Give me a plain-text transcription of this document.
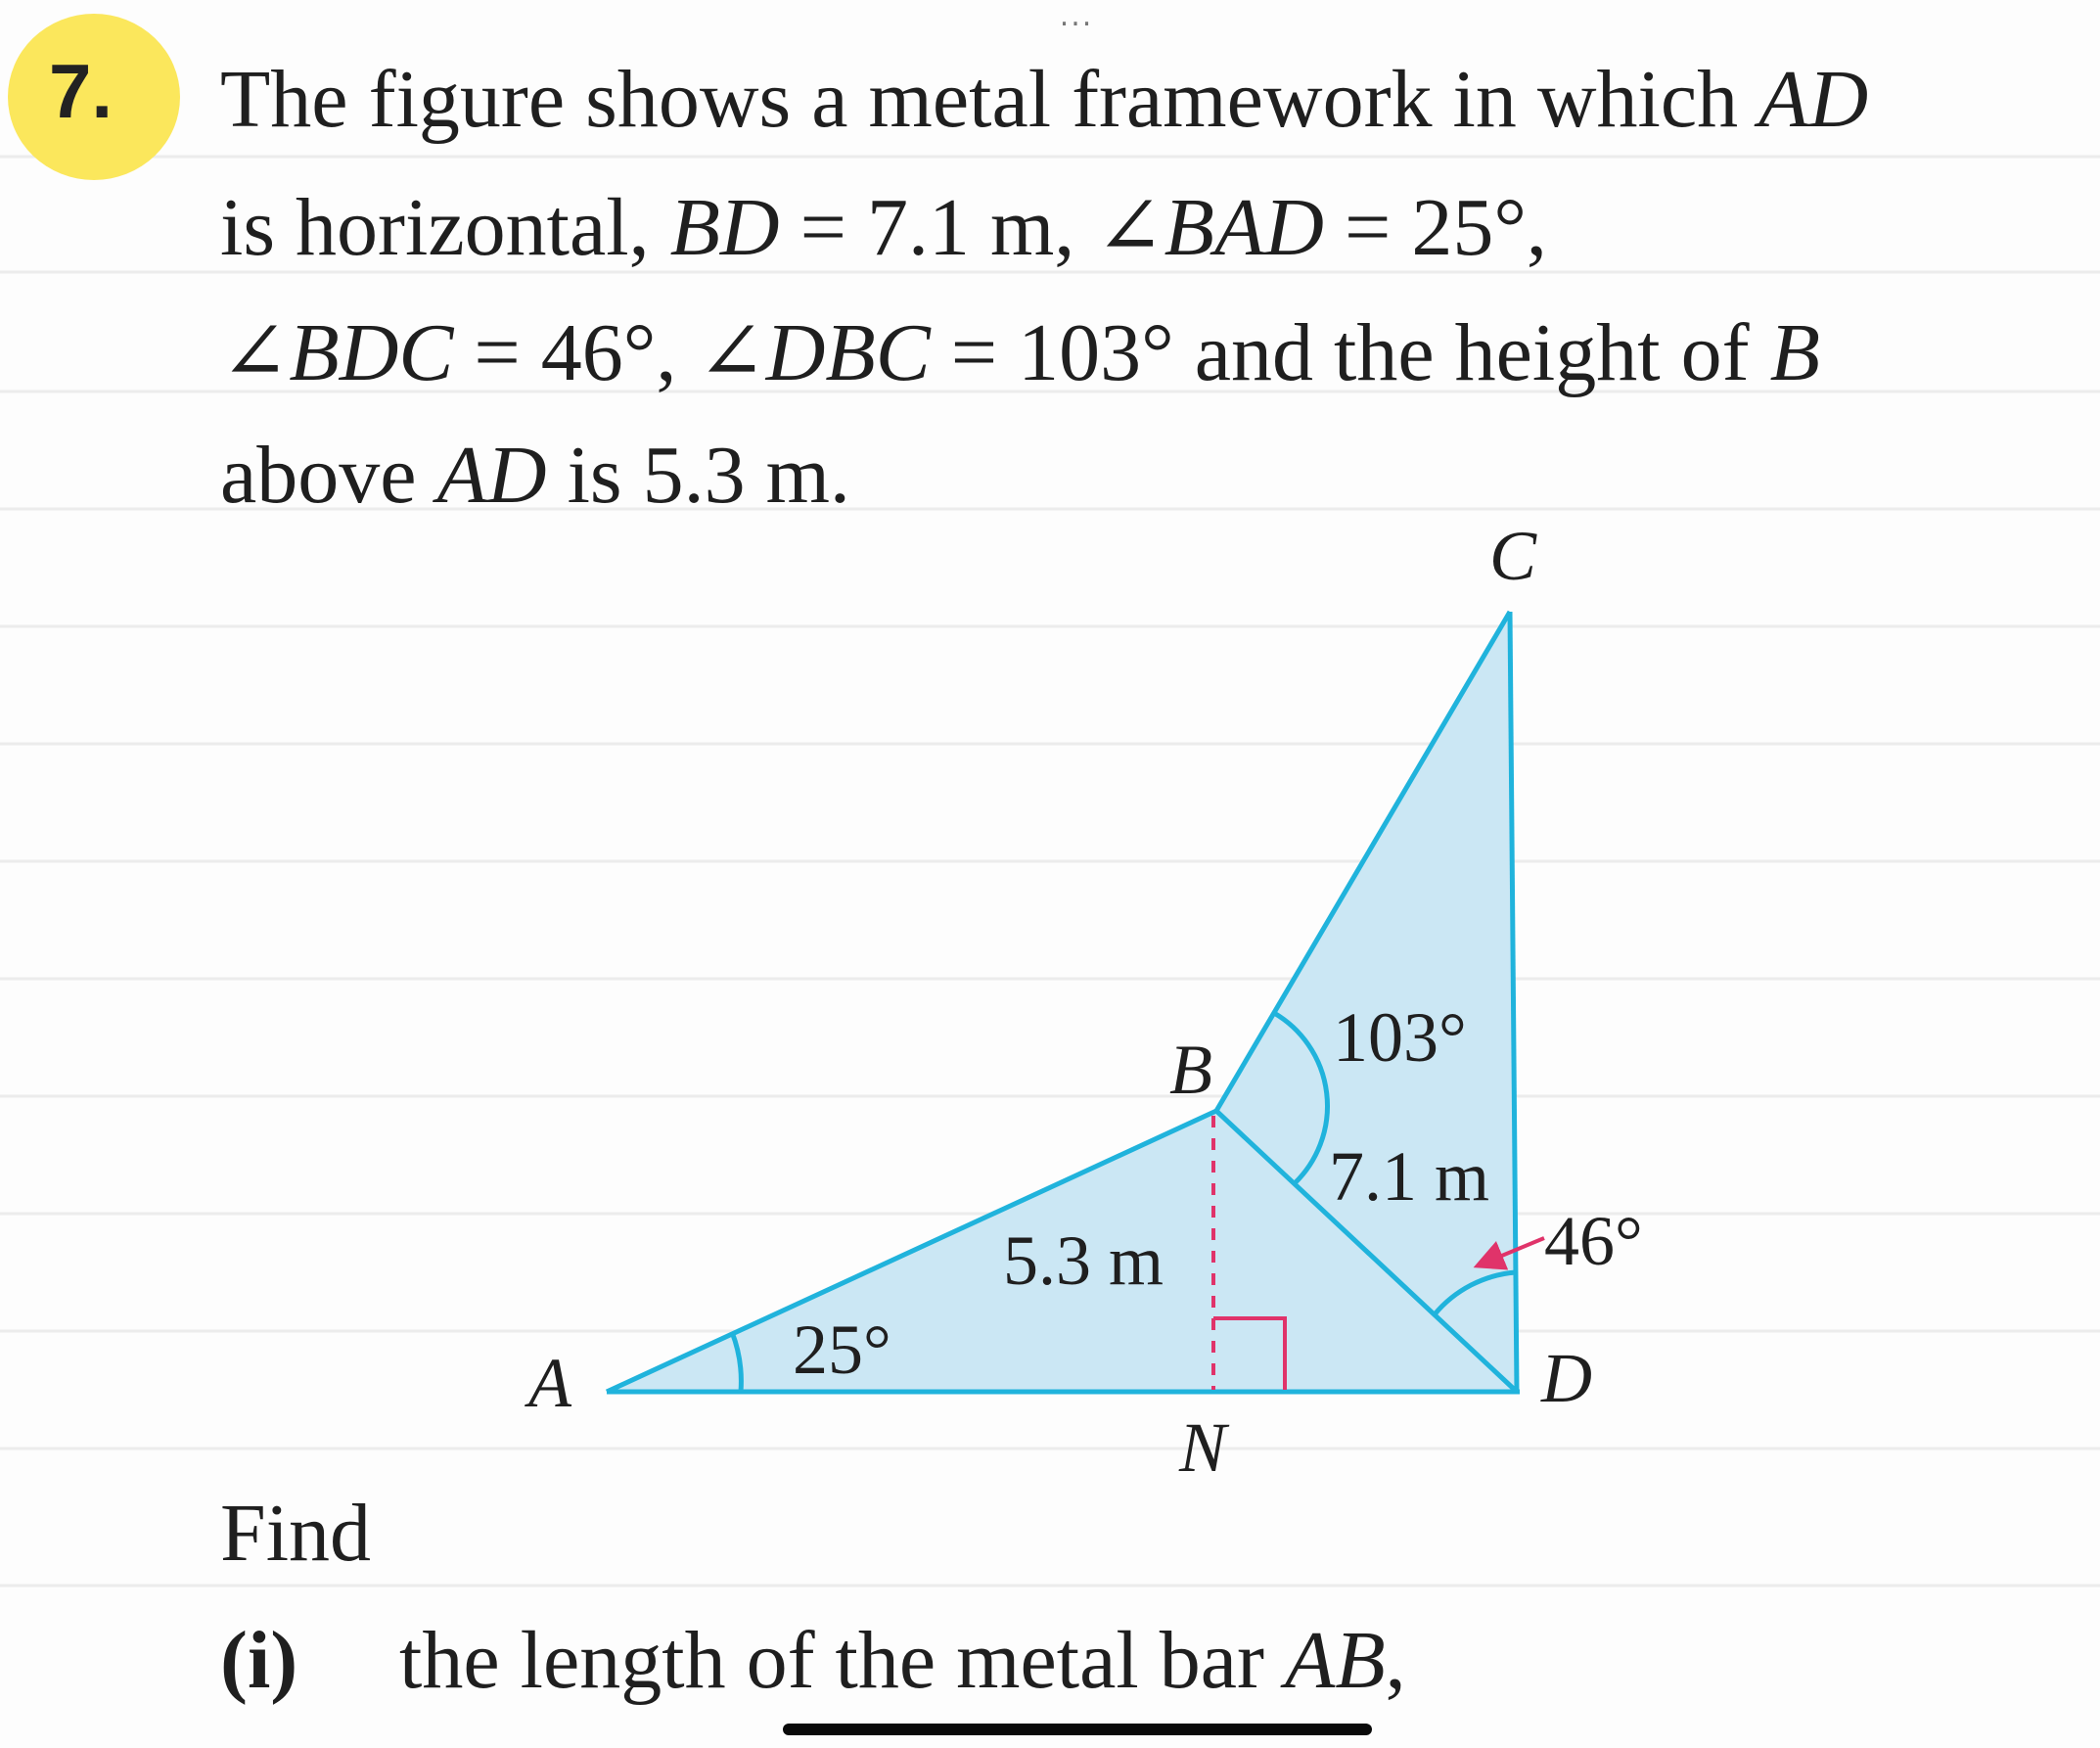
...
7. The figure shows a metal framework in which AD
is horizontal, BD = 7.1 m, ∠BAD = 25°,
∠BDC = 46°, ∠DBC = 103° and the height of B
above AD is 5.3 m.
C
B
A	D
N
103°
7.1 m
46°
5.3 m
25°
Find
(i) the length of the metal bar AB,
